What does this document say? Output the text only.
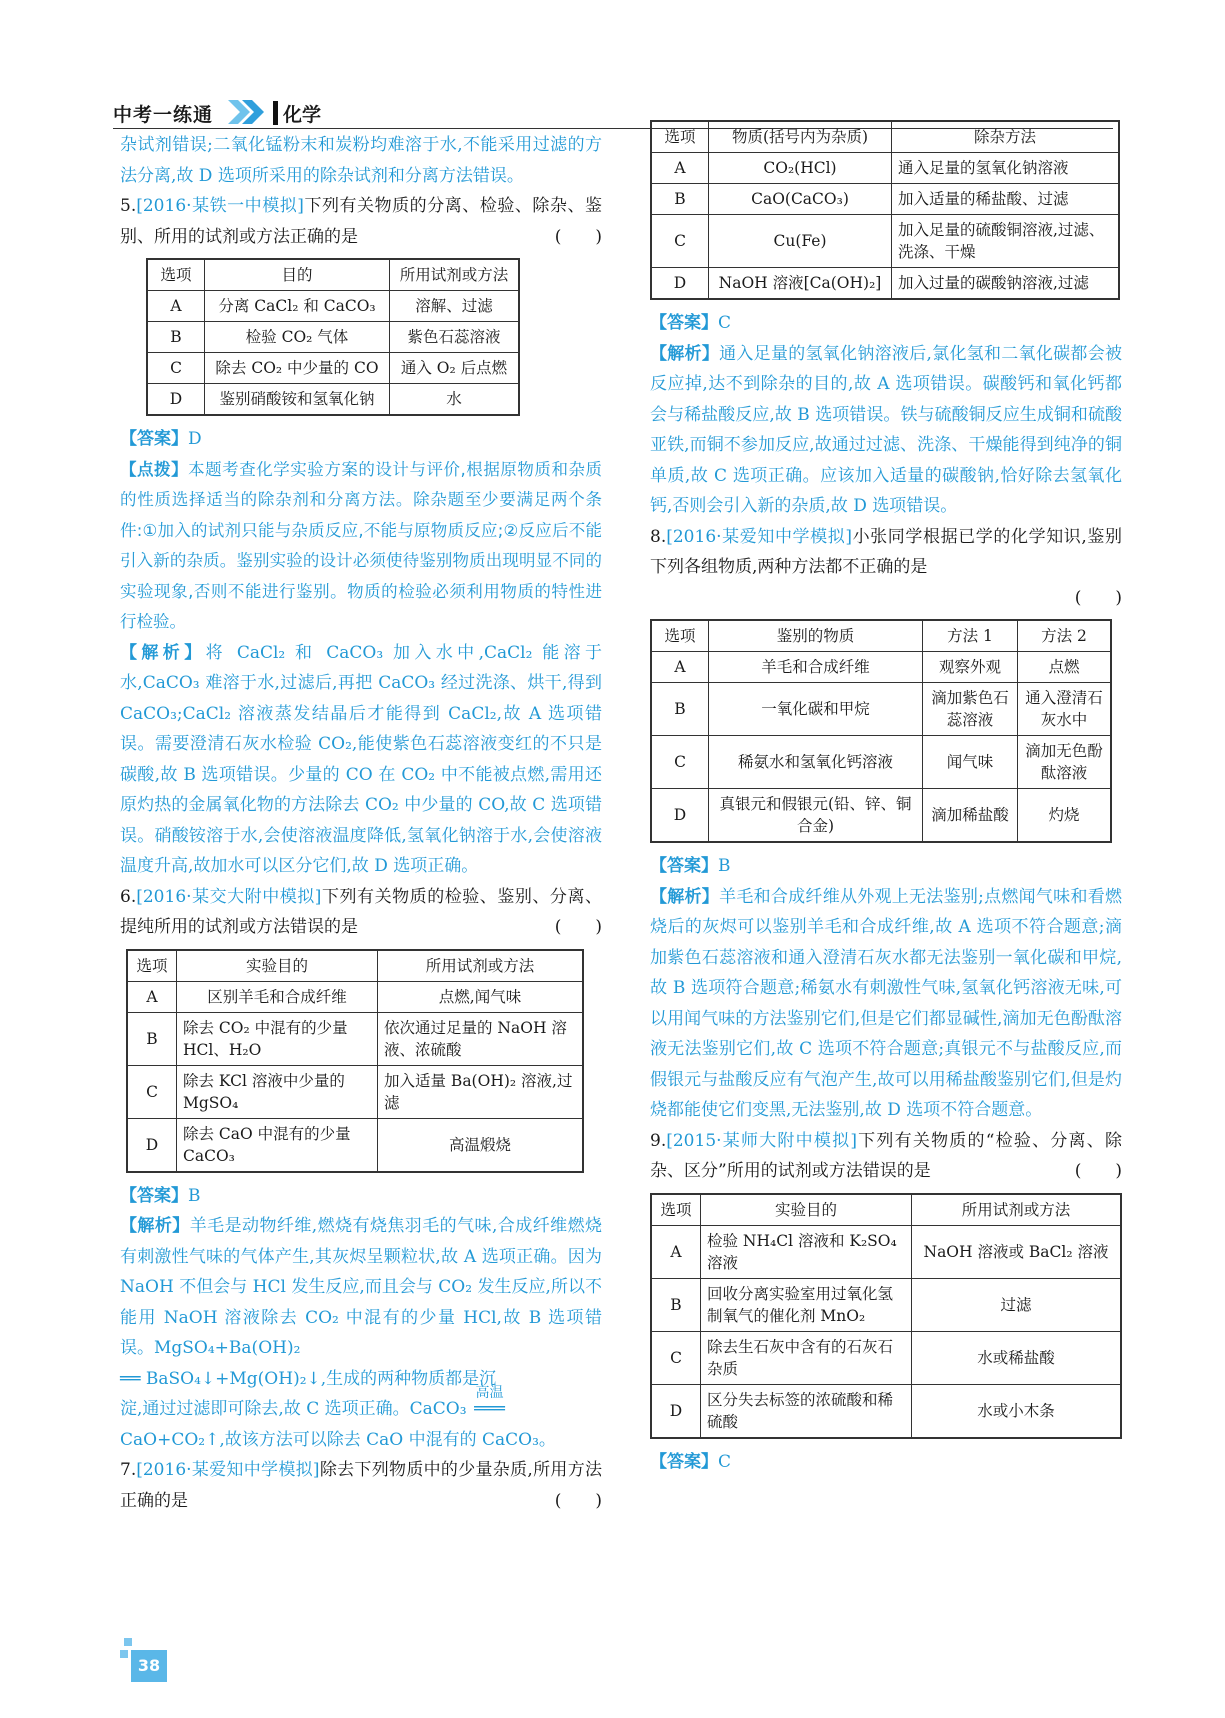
中考一练通	化学

杂试剂错误;二氧化锰粉末和炭粉均难溶于水,不能采用过滤的方法分离,故 D 选项所采用的除杂试剂和分离方法错误。

5.[2016·某铁一中模拟]下列有关物质的分离、检验、除杂、鉴别、所用的试剂或方法正确的是	(　　)

选项	目的	所用试剂或方法
A	分离 CaCl₂ 和 CaCO₃	溶解、过滤
B	检验 CO₂ 气体	紫色石蕊溶液
C	除去 CO₂ 中少量的 CO	通入 O₂ 后点燃
D	鉴别硝酸铵和氢氧化钠	水

【答案】D

【点拨】本题考查化学实验方案的设计与评价,根据原物质和杂质的性质选择适当的除杂剂和分离方法。除杂题至少要满足两个条件:①加入的试剂只能与杂质反应,不能与原物质反应;②反应后不能引入新的杂质。鉴别实验的设计必须使待鉴别物质出现明显不同的实验现象,否则不能进行鉴别。物质的检验必须利用物质的特性进行检验。

【解析】将 CaCl₂ 和 CaCO₃ 加入水中,CaCl₂ 能溶于水,CaCO₃ 难溶于水,过滤后,再把 CaCO₃ 经过洗涤、烘干,得到 CaCO₃;CaCl₂ 溶液蒸发结晶后才能得到 CaCl₂,故 A 选项错误。需要澄清石灰水检验 CO₂,能使紫色石蕊溶液变红的不只是碳酸,故 B 选项错误。少量的 CO 在 CO₂ 中不能被点燃,需用还原灼热的金属氧化物的方法除去 CO₂ 中少量的 CO,故 C 选项错误。硝酸铵溶于水,会使溶液温度降低,氢氧化钠溶于水,会使溶液温度升高,故加水可以区分它们,故 D 选项正确。

6.[2016·某交大附中模拟]下列有关物质的检验、鉴别、分离、提纯所用的试剂或方法错误的是	(　　)

选项	实验目的	所用试剂或方法
A	区别羊毛和合成纤维	点燃,闻气味
B	除去 CO₂ 中混有的少量 HCl、H₂O	依次通过足量的 NaOH 溶液、浓硫酸
C	除去 KCl 溶液中少量的 MgSO₄	加入适量 Ba(OH)₂ 溶液,过滤
D	除去 CaO 中混有的少量 CaCO₃	高温煅烧

【答案】B

【解析】羊毛是动物纤维,燃烧有烧焦羽毛的气味,合成纤维燃烧有刺激性气味的气体产生,其灰烬呈颗粒状,故 A 选项正确。因为 NaOH 不但会与 HCl 发生反应,而且会与 CO₂ 发生反应,所以不能用 NaOH 溶液除去 CO₂ 中混有的少量 HCl,故 B 选项错误。MgSO₄+Ba(OH)₂

══ BaSO₄↓+Mg(OH)₂↓,生成的两种物质都是沉

淀,通过过滤即可除去,故 C 选项正确。CaCO₃
高温
═══

CaO+CO₂↑,故该方法可以除去 CaO 中混有的 CaCO₃。

7.[2016·某爱知中学模拟]除去下列物质中的少量杂质,所用方法正确的是	(　　)

选项	物质(括号内为杂质)	除杂方法
A	CO₂(HCl)	通入足量的氢氧化钠溶液
B	CaO(CaCO₃)	加入适量的稀盐酸、过滤
C	Cu(Fe)	加入足量的硫酸铜溶液,过滤、洗涤、干燥
D	NaOH 溶液[Ca(OH)₂]	加入过量的碳酸钠溶液,过滤

【答案】C

【解析】通入足量的氢氧化钠溶液后,氯化氢和二氧化碳都会被反应掉,达不到除杂的目的,故 A 选项错误。碳酸钙和氧化钙都会与稀盐酸反应,故 B 选项错误。铁与硫酸铜反应生成铜和硫酸亚铁,而铜不参加反应,故通过过滤、洗涤、干燥能得到纯净的铜单质,故 C 选项正确。应该加入适量的碳酸钠,恰好除去氢氧化钙,否则会引入新的杂质,故 D 选项错误。

8.[2016·某爱知中学模拟]小张同学根据已学的化学知识,鉴别下列各组物质,两种方法都不正确的是

(　　)

选项	鉴别的物质	方法 1	方法 2
A	羊毛和合成纤维	观察外观	点燃
B	一氧化碳和甲烷	滴加紫色石蕊溶液	通入澄清石灰水中
C	稀氨水和氢氧化钙溶液	闻气味	滴加无色酚酞溶液
D	真银元和假银元(铅、锌、铜合金)	滴加稀盐酸	灼烧

【答案】B

【解析】羊毛和合成纤维从外观上无法鉴别;点燃闻气味和看燃烧后的灰烬可以鉴别羊毛和合成纤维,故 A 选项不符合题意;滴加紫色石蕊溶液和通入澄清石灰水都无法鉴别一氧化碳和甲烷,故 B 选项符合题意;稀氨水有刺激性气味,氢氧化钙溶液无味,可以用闻气味的方法鉴别它们,但是它们都显碱性,滴加无色酚酞溶液无法鉴别它们,故 C 选项不符合题意;真银元不与盐酸反应,而假银元与盐酸反应有气泡产生,故可以用稀盐酸鉴别它们,但是灼烧都能使它们变黑,无法鉴别,故 D 选项不符合题意。

9.[2015·某师大附中模拟]下列有关物质的“检验、分离、除杂、区分”所用的试剂或方法错误的是	(　　)

选项	实验目的	所用试剂或方法
A	检验 NH₄Cl 溶液和 K₂SO₄ 溶液	NaOH 溶液或 BaCl₂ 溶液
B	回收分离实验室用过氧化氢制氧气的催化剂 MnO₂	过滤
C	除去生石灰中含有的石灰石杂质	水或稀盐酸
D	区分失去标签的浓硫酸和稀硫酸	水或小木条

【答案】C

38
